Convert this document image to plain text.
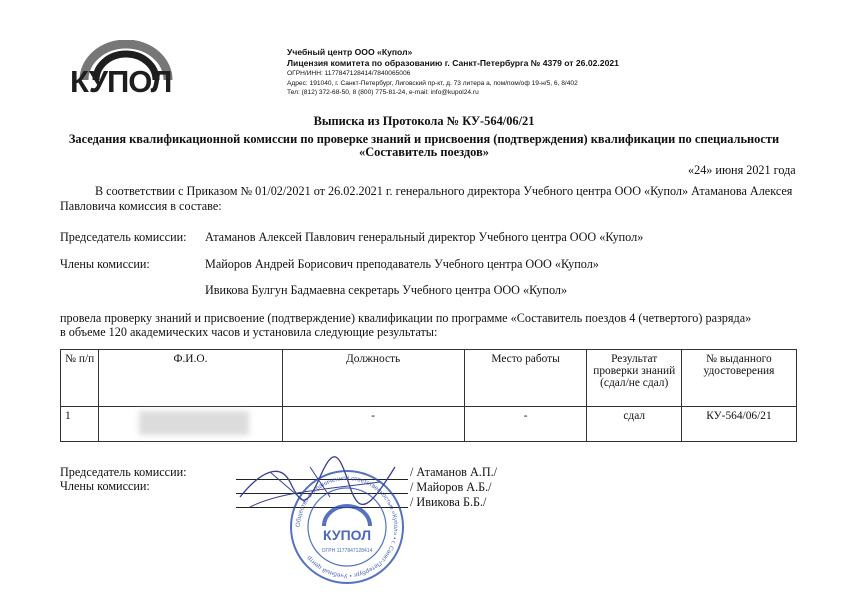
КУПОЛ
Учебный центр ООО «Купол»
Лицензия комитета по образованию г. Санкт-Петербурга № 4379 от 26.02.2021
ОГРН/ИНН: 1177847128414/7840065006
Адрес: 191040, г. Санкт-Петербург, Лиговский пр-кт, д. 73 литера а, пом/пом/оф 19-н/5, 6, 8/402
Тел: (812) 372-68-50, 8 (800) 775-81-24, e-mail: info@kupol24.ru
Выписка из Протокола № КУ-564/06/21
Заседания квалификационной комиссии по проверке знаний и присвоения (подтверждения) квалификации по специальности
«Составитель поездов»
«24» июня 2021 года
В соответствии с Приказом № 01/02/2021 от 26.02.2021 г. генерального директора Учебного центра ООО «Купол» Атаманова Алексея
Павловича комиссия в составе:
Председатель комиссии: Атаманов Алексей Павлович генеральный директор Учебного центра ООО «Купол»
Члены комиссии:	Майоров Андрей Борисович преподаватель Учебного центра ООО «Купол»
Ивикова Булгун Бадмаевна секретарь Учебного центра ООО «Купол»
провела проверку знаний и присвоение (подтверждение) квалификации по программе «Составитель поездов 4 (четвертого) разряда»
в объеме 120 академических часов и установила следующие результаты:
№ п/п	Ф.И.О.	Должность	Место работы	Результат проверки знаний (сдал/не сдал)	№ выданного удостоверения
1		-	-	сдал	КУ-564/06/21
Председатель комиссии:
Члены комиссии:
/ Атаманов А.П./
/ Майоров А.Б./
/ Ивикова Б.Б./
Общество с ограниченной ответственностью «Купол» • г. Санкт-Петербург • Учебный центр
КУПОЛ
ОГРН 1177847128414
